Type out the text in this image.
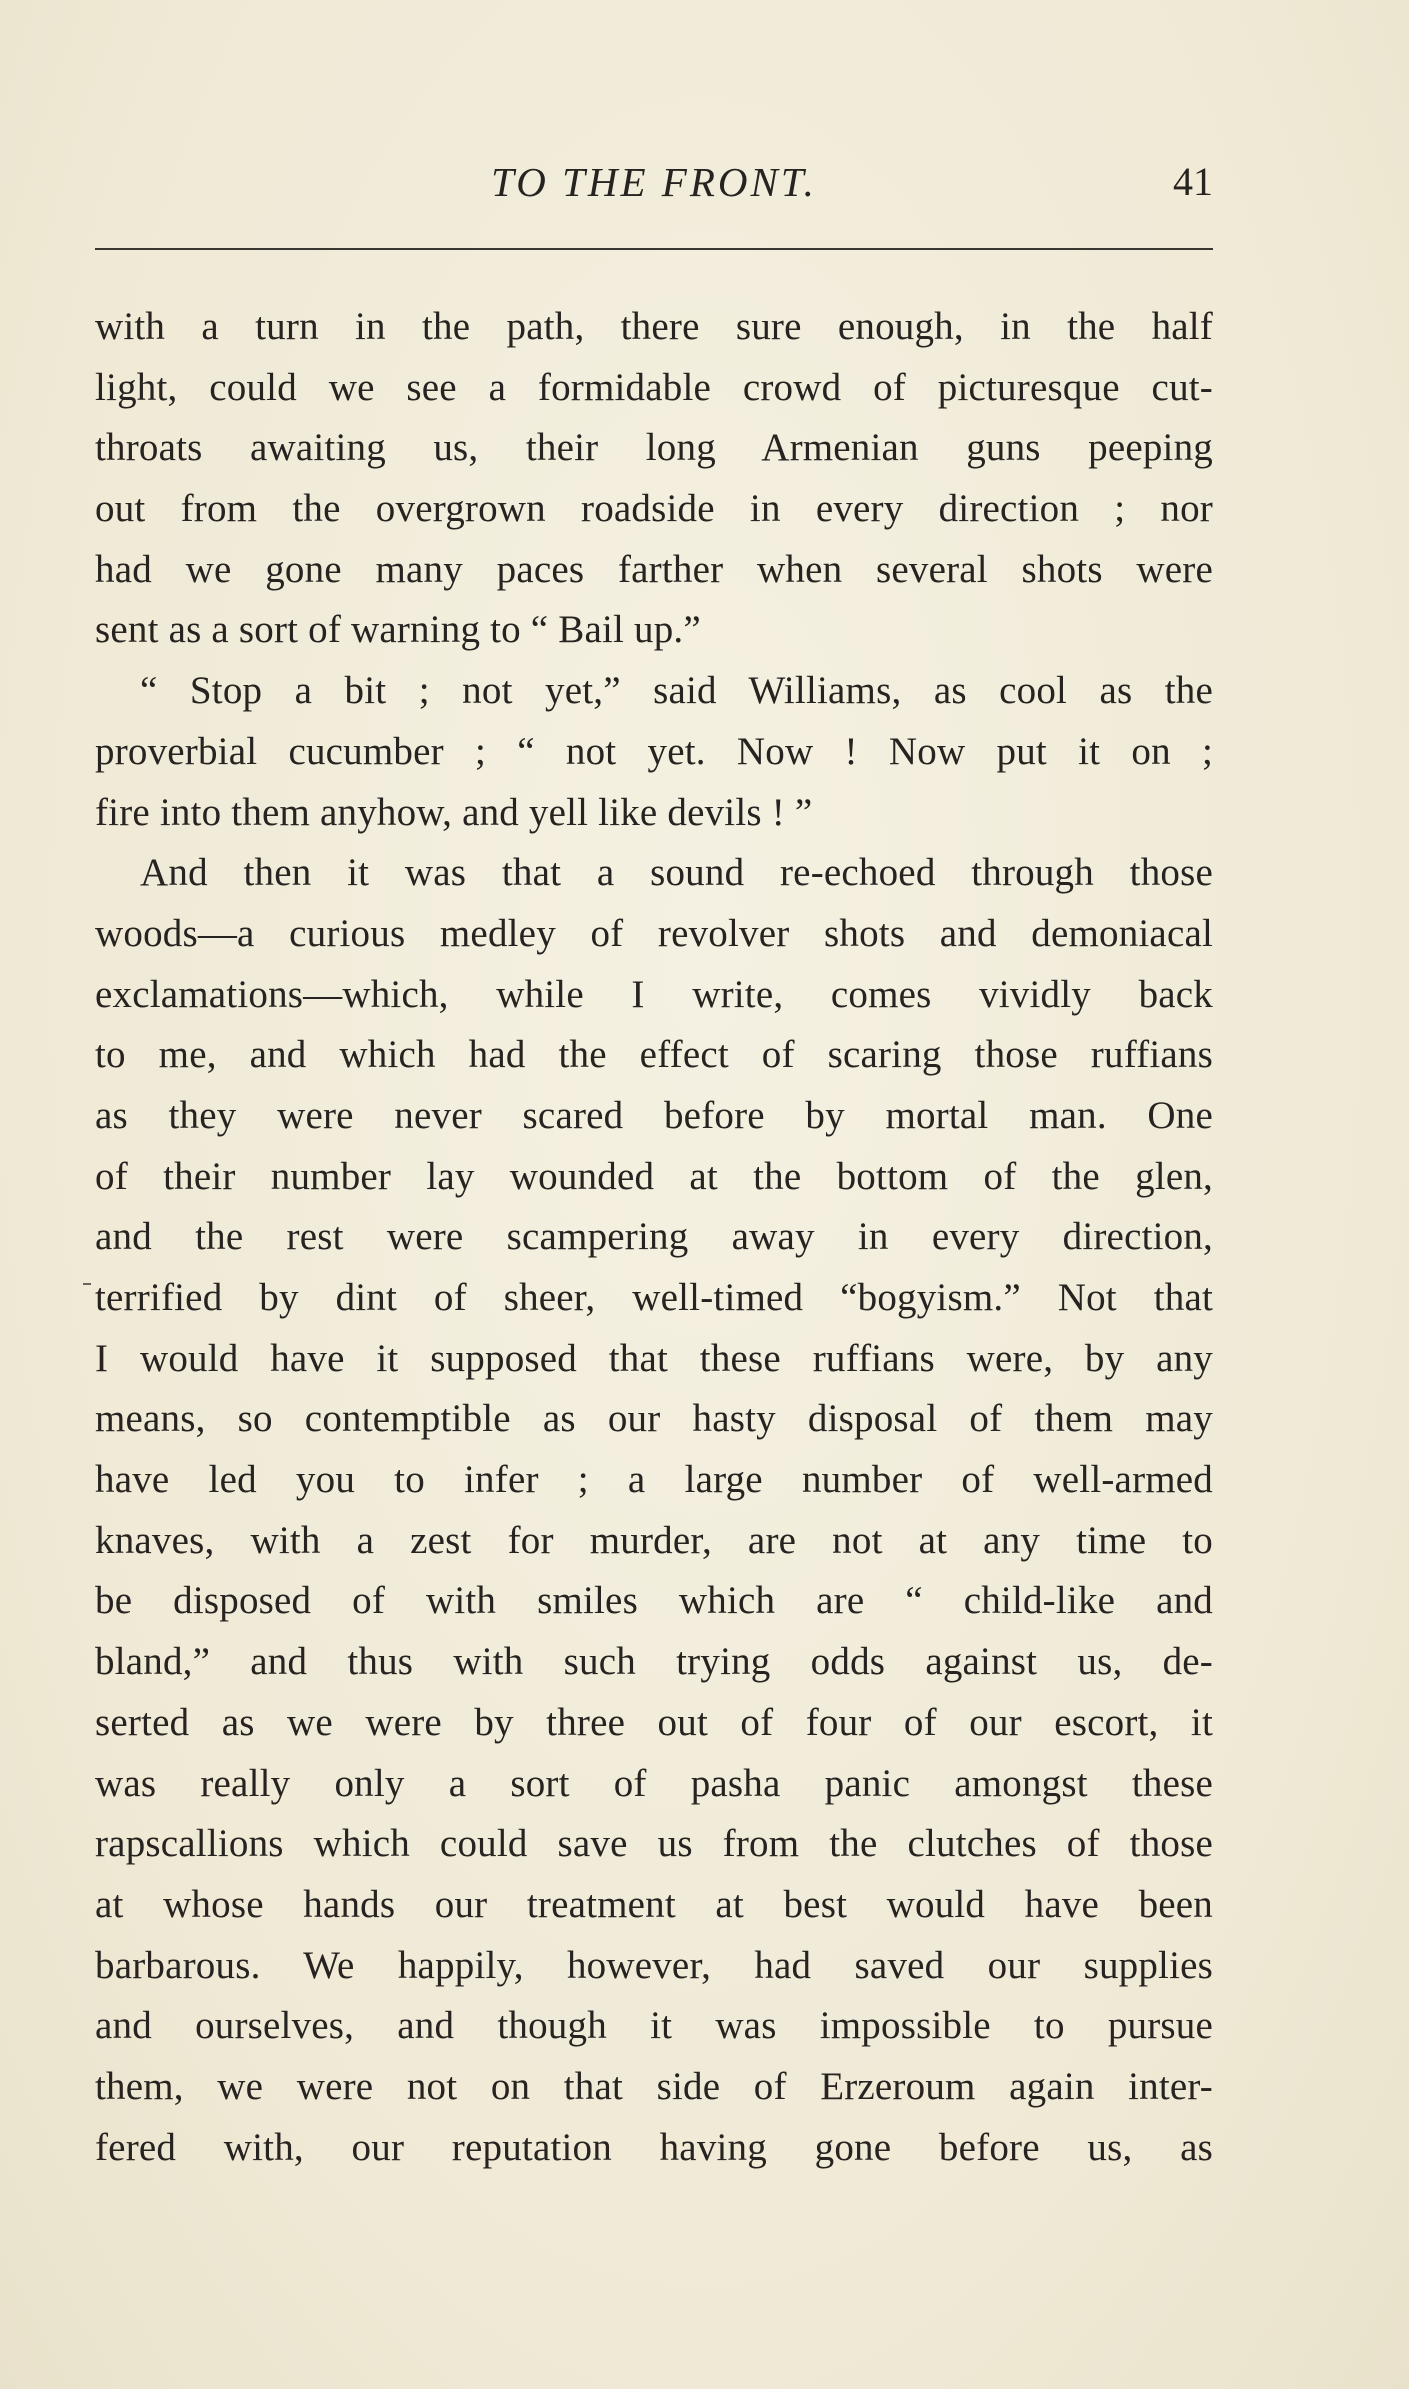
TO THE FRONT.	41
with a turn in the path, there sure enough, in the half
light, could we see a formidable crowd of picturesque cut-
throats awaiting us, their long Armenian guns peeping
out from the overgrown roadside in every direction ; nor
had we gone many paces farther when several shots were
sent as a sort of warning to “ Bail up.”
“ Stop a bit ; not yet,” said Williams, as cool as the
proverbial cucumber ; “ not yet. Now ! Now put it on ;
fire into them anyhow, and yell like devils ! ”
And then it was that a sound re-echoed through those
woods—a curious medley of revolver shots and demoniacal
exclamations—which, while I write, comes vividly back
to me, and which had the effect of scaring those ruffians
as they were never scared before by mortal man. One
of their number lay wounded at the bottom of the glen,
and the rest were scampering away in every direction,
terrified by dint of sheer, well-timed “bogyism.” Not that
I would have it supposed that these ruffians were, by any
means, so contemptible as our hasty disposal of them may
have led you to infer ; a large number of well-armed
knaves, with a zest for murder, are not at any time to
be disposed of with smiles which are “ child-like and
bland,” and thus with such trying odds against us, de-
serted as we were by three out of four of our escort, it
was really only a sort of pasha panic amongst these
rapscallions which could save us from the clutches of those
at whose hands our treatment at best would have been
barbarous. We happily, however, had saved our supplies
and ourselves, and though it was impossible to pursue
them, we were not on that side of Erzeroum again inter-
fered with, our reputation having gone before us, as
